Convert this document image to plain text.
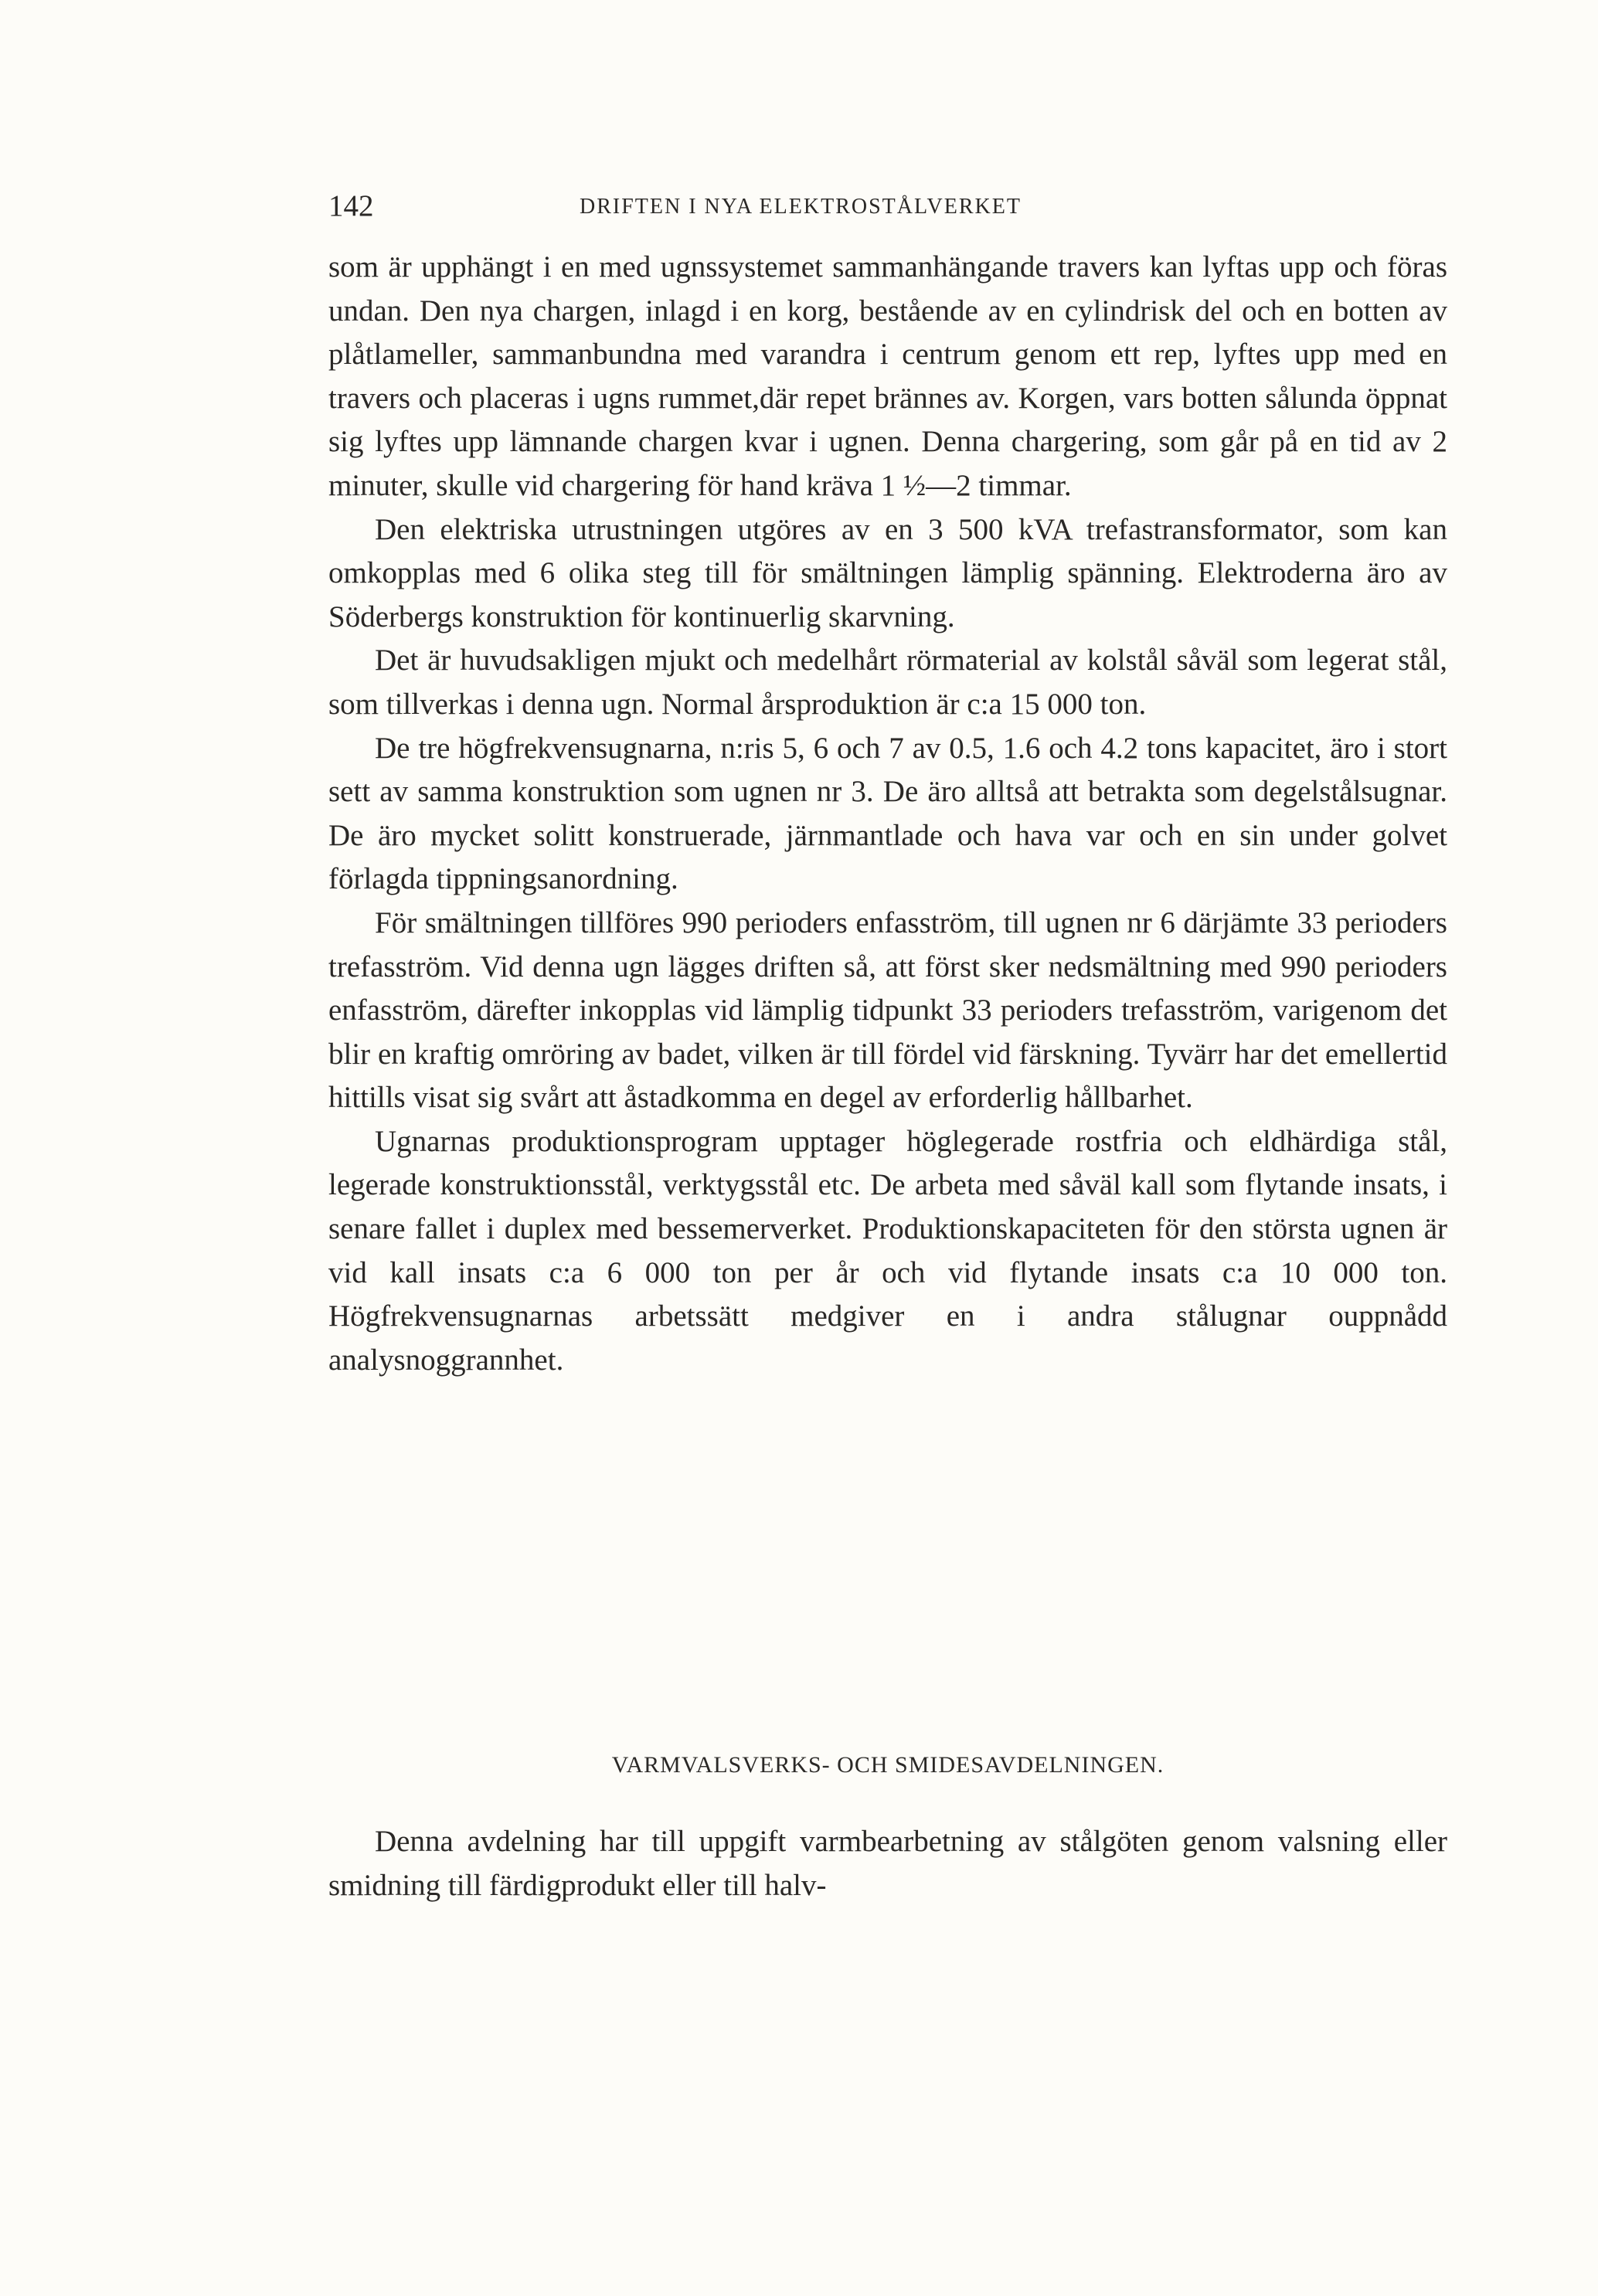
142	DRIFTEN I NYA ELEKTROSTÅLVERKET

som är upphängt i en med ugnssystemet sammanhängande travers kan lyftas upp och föras undan. Den nya chargen, inlagd i en korg, bestående av en cylindrisk del och en botten av plåtlameller, sammanbundna med varandra i centrum genom ett rep, lyftes upp med en travers och placeras i ugns rummet,där repet brännes av. Korgen, vars botten sålunda öppnat sig lyftes upp lämnande chargen kvar i ugnen. Denna chargering, som går på en tid av 2 minuter, skulle vid chargering för hand kräva 1 ½—2 timmar.

Den elektriska utrustningen utgöres av en 3 500 kVA trefastransformator, som kan omkopplas med 6 olika steg till för smältningen lämplig spänning. Elektroderna äro av Söderbergs konstruktion för kontinuerlig skarvning.

Det är huvudsakligen mjukt och medelhårt rörmaterial av kolstål såväl som legerat stål, som tillverkas i denna ugn. Normal årsproduktion är c:a 15 000 ton.

De tre högfrekvensugnarna, n:ris 5, 6 och 7 av 0.5, 1.6 och 4.2 tons kapacitet, äro i stort sett av samma konstruktion som ugnen nr 3. De äro alltså att betrakta som degelstålsugnar. De äro mycket solitt konstruerade, järnmantlade och hava var och en sin under golvet förlagda tippningsanordning.

För smältningen tillföres 990 perioders enfasström, till ugnen nr 6 därjämte 33 perioders trefasström. Vid denna ugn lägges driften så, att först sker nedsmältning med 990 perioders enfasström, därefter inkopplas vid lämplig tidpunkt 33 perioders trefasström, varigenom det blir en kraftig omröring av badet, vilken är till fördel vid färskning. Tyvärr har det emellertid hittills visat sig svårt att åstadkomma en degel av erforderlig hållbarhet.

Ugnarnas produktionsprogram upptager höglegerade rostfria och eldhärdiga stål, legerade konstruktionsstål, verktygsstål etc. De arbeta med såväl kall som flytande insats, i senare fallet i duplex med bessemerverket. Produktionskapaciteten för den största ugnen är vid kall insats c:a 6 000 ton per år och vid flytande insats c:a 10 000 ton. Högfrekvensugnarnas arbetssätt medgiver en i andra stålugnar ouppnådd analysnoggrannhet.

VARMVALSVERKS- OCH SMIDESAVDELNINGEN.

Denna avdelning har till uppgift varmbearbetning av stålgöten genom valsning eller smidning till färdigprodukt eller till halv-
